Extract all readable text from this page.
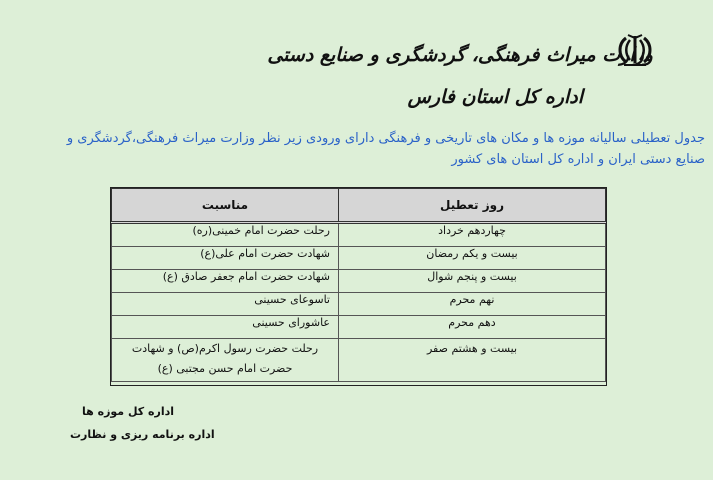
وزارت میراث فرهنگی، گردشگری و صنایع دستی
اداره کل استان فارس
جدول تعطیلی سالیانه موزه ها و مکان های تاریخی و فرهنگی دارای ورودی زیر نظر وزارت میراث فرهنگی،گردشگری و صنایع دستی ایران و اداره کل استان های کشور
روز تعطیل	مناسبت
چهاردهم خرداد	رحلت حضرت امام خمینی(ره)
بیست و یکم رمضان	شهادت حضرت امام علی(ع)
بیست و پنجم شوال	شهادت حضرت امام جعفر صادق (ع)
نهم محرم	تاسوعای حسینی
دهم محرم	عاشورای حسینی
بیست و هشتم صفر	رحلت حضرت رسول اکرم(ص) و شهادت حضرت امام حسن مجتبی (ع)
اداره کل موزه ها
اداره برنامه ریزی و نظارت
